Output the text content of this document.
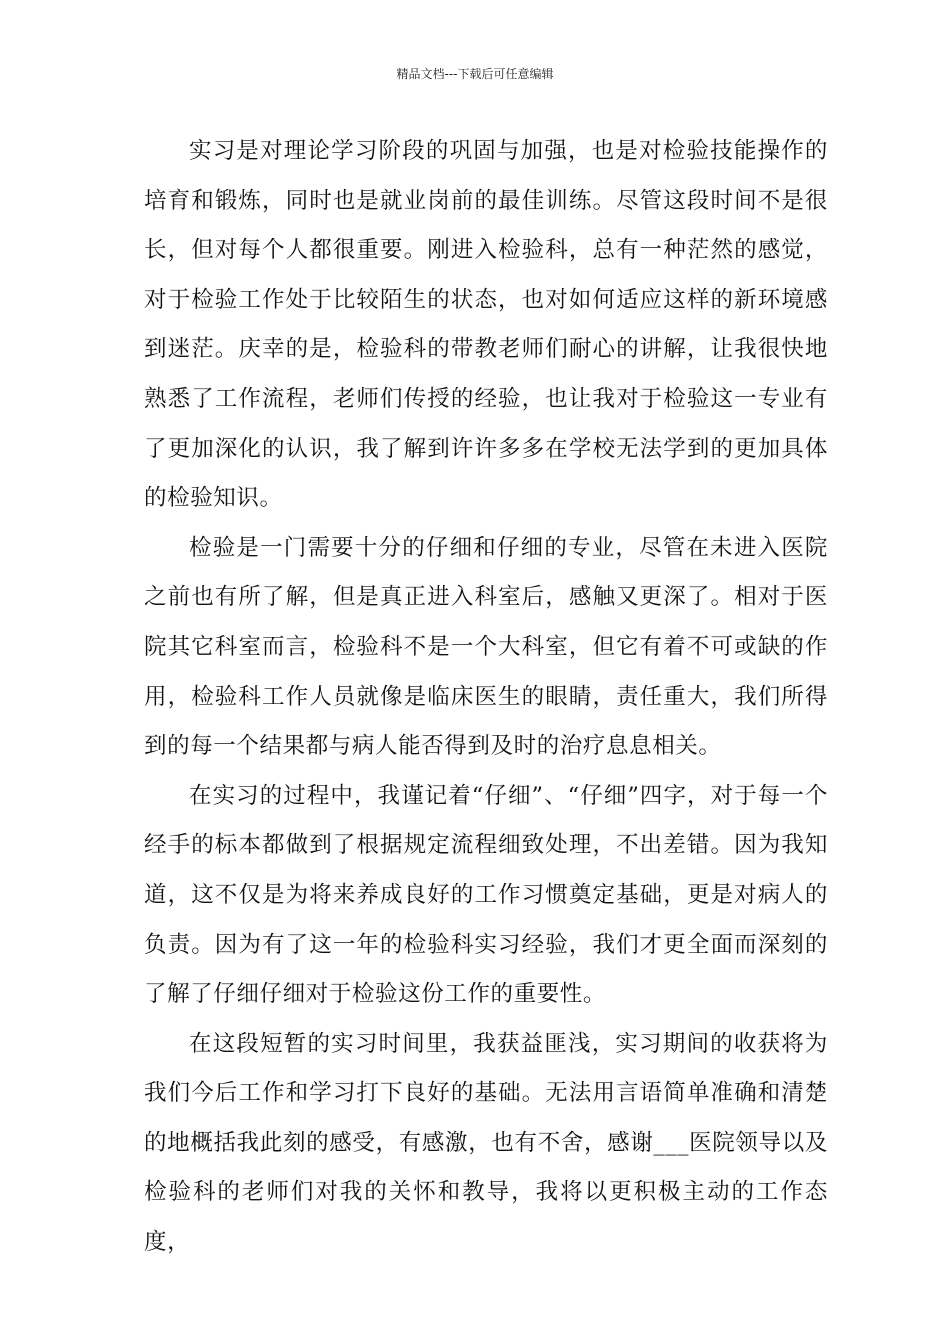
精品文档---下载后可任意编辑

实习是对理论学习阶段的巩固与加强，也是对检验技能操作的培育和锻炼，同时也是就业岗前的最佳训练。尽管这段时间不是很长，但对每个人都很重要。刚进入检验科，总有一种茫然的感觉，对于检验工作处于比较陌生的状态，也对如何适应这样的新环境感到迷茫。庆幸的是，检验科的带教老师们耐心的讲解，让我很快地熟悉了工作流程，老师们传授的经验，也让我对于检验这一专业有了更加深化的认识，我了解到许许多多在学校无法学到的更加具体的检验知识。

检验是一门需要十分的仔细和仔细的专业，尽管在未进入医院之前也有所了解，但是真正进入科室后，感触又更深了。相对于医院其它科室而言，检验科不是一个大科室，但它有着不可或缺的作用，检验科工作人员就像是临床医生的眼睛，责任重大，我们所得到的每一个结果都与病人能否得到及时的治疗息息相关。

在实习的过程中，我谨记着“仔细”、“仔细”四字，对于每一个经手的标本都做到了根据规定流程细致处理，不出差错。因为我知道，这不仅是为将来养成良好的工作习惯奠定基础，更是对病人的负责。因为有了这一年的检验科实习经验，我们才更全面而深刻的了解了仔细仔细对于检验这份工作的重要性。

在这段短暂的实习时间里，我获益匪浅，实习期间的收获将为我们今后工作和学习打下良好的基础。无法用言语简单准确和清楚的地概括我此刻的感受，有感激，也有不舍，感谢___医院领导以及检验科的老师们对我的关怀和教导，我将以更积极主动的工作态度，
